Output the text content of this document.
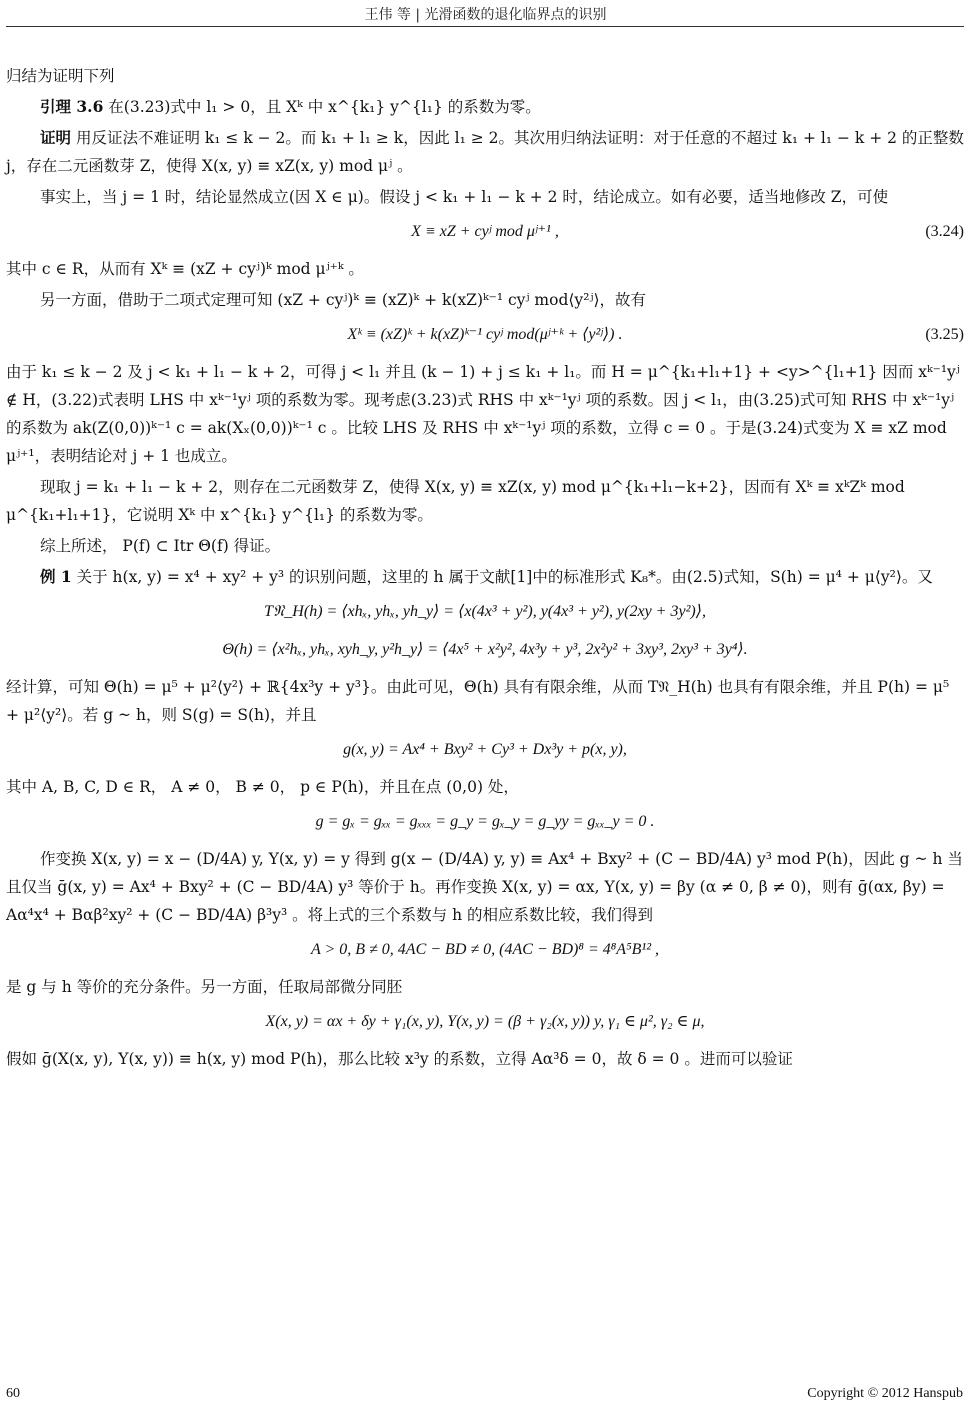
王伟 等 | 光滑函数的退化临界点的识别

归结为证明下列

引理 3.6 在(3.23)式中 l₁ > 0，且 Xᵏ 中 x^{k₁} y^{l₁} 的系数为零。

证明 用反证法不难证明 k₁ ≤ k − 2。而 k₁ + l₁ ≥ k，因此 l₁ ≥ 2。其次用归纳法证明：对于任意的不超过 k₁ + l₁ − k + 2 的正整数 j，存在二元函数芽 Z，使得 X(x, y) ≡ xZ(x, y) mod μʲ 。

事实上，当 j = 1 时，结论显然成立(因 X ∈ μ)。假设 j < k₁ + l₁ − k + 2 时，结论成立。如有必要，适当地修改 Z，可使

X ≡ xZ + cyʲ mod μʲ⁺¹ ,	(3.24)

其中 c ∈ R，从而有 Xᵏ ≡ (xZ + cyʲ)ᵏ mod μʲ⁺ᵏ 。

另一方面，借助于二项式定理可知 (xZ + cyʲ)ᵏ ≡ (xZ)ᵏ + k(xZ)ᵏ⁻¹ cyʲ mod⟨y²ʲ⟩，故有

Xᵏ ≡ (xZ)ᵏ + k(xZ)ᵏ⁻¹ cyʲ mod(μʲ⁺ᵏ + ⟨y²ʲ⟩) .	(3.25)

由于 k₁ ≤ k − 2 及 j < k₁ + l₁ − k + 2，可得 j < l₁ 并且 (k − 1) + j ≤ k₁ + l₁。而 H = μ^{k₁+l₁+1} + <y>^{l₁+1} 因而 xᵏ⁻¹yʲ ∉ H，(3.22)式表明 LHS 中 xᵏ⁻¹yʲ 项的系数为零。现考虑(3.23)式 RHS 中 xᵏ⁻¹yʲ 项的系数。因 j < l₁，由(3.25)式可知 RHS 中 xᵏ⁻¹yʲ 的系数为 ak(Z(0,0))ᵏ⁻¹ c = ak(Xₓ(0,0))ᵏ⁻¹ c 。比较 LHS 及 RHS 中 xᵏ⁻¹yʲ 项的系数，立得 c = 0 。于是(3.24)式变为 X ≡ xZ mod μʲ⁺¹，表明结论对 j + 1 也成立。

现取 j = k₁ + l₁ − k + 2，则存在二元函数芽 Z，使得 X(x, y) ≡ xZ(x, y) mod μ^{k₁+l₁−k+2}，因而有 Xᵏ ≡ xᵏZᵏ mod μ^{k₁+l₁+1}，它说明 Xᵏ 中 x^{k₁} y^{l₁} 的系数为零。

综上所述， P(f) ⊂ Itr Θ(f) 得证。

例 1 关于 h(x, y) = x⁴ + xy² + y³ 的识别问题，这里的 h 属于文献[1]中的标准形式 K₈*。由(2.5)式知，S(h) = μ⁴ + μ⟨y²⟩。又

T𝔑_H(h) = ⟨xhₓ, yhₓ, yh_y⟩ = ⟨x(4x³ + y²), y(4x³ + y²), y(2xy + 3y²)⟩,
Θ(h) = ⟨x²hₓ, yhₓ, xyh_y, y²h_y⟩ = ⟨4x⁵ + x²y², 4x³y + y³, 2x²y² + 3xy³, 2xy³ + 3y⁴⟩.

经计算，可知 Θ(h) = μ⁵ + μ²⟨y²⟩ + ℝ{4x³y + y³}。由此可见，Θ(h) 具有有限余维，从而 T𝔑_H(h) 也具有有限余维，并且 P(h) = μ⁵ + μ²⟨y²⟩。若 g ~ h，则 S(g) = S(h)，并且

g(x, y) = Ax⁴ + Bxy² + Cy³ + Dx³y + p(x, y),

其中 A, B, C, D ∈ R， A ≠ 0， B ≠ 0， p ∈ P(h)，并且在点 (0,0) 处，

g = gₓ = gₓₓ = gₓₓₓ = g_y = gₓ_y = g_yy = gₓₓ_y = 0 .

作变换 X(x, y) = x − (D/4A) y, Y(x, y) = y 得到 g(x − (D/4A) y, y) ≡ Ax⁴ + Bxy² + (C − BD/4A) y³ mod P(h)，因此 g ~ h 当且仅当 ḡ(x, y) = Ax⁴ + Bxy² + (C − BD/4A) y³ 等价于 h。再作变换 X(x, y) = αx, Y(x, y) = βy (α ≠ 0, β ≠ 0)，则有 ḡ(αx, βy) = Aα⁴x⁴ + Bαβ²xy² + (C − BD/4A) β³y³ 。将上式的三个系数与 h 的相应系数比较，我们得到

A > 0, B ≠ 0, 4AC − BD ≠ 0, (4AC − BD)⁸ = 4⁸A⁵B¹² ,

是 g 与 h 等价的充分条件。另一方面，任取局部微分同胚

X(x, y) = αx + δy + γ₁(x, y), Y(x, y) = (β + γ₂(x, y)) y, γ₁ ∈ μ², γ₂ ∈ μ,

假如 ḡ(X(x, y), Y(x, y)) ≡ h(x, y) mod P(h)，那么比较 x³y 的系数，立得 Aα³δ = 0，故 δ = 0 。进而可以验证

60	Copyright © 2012 Hanspub
